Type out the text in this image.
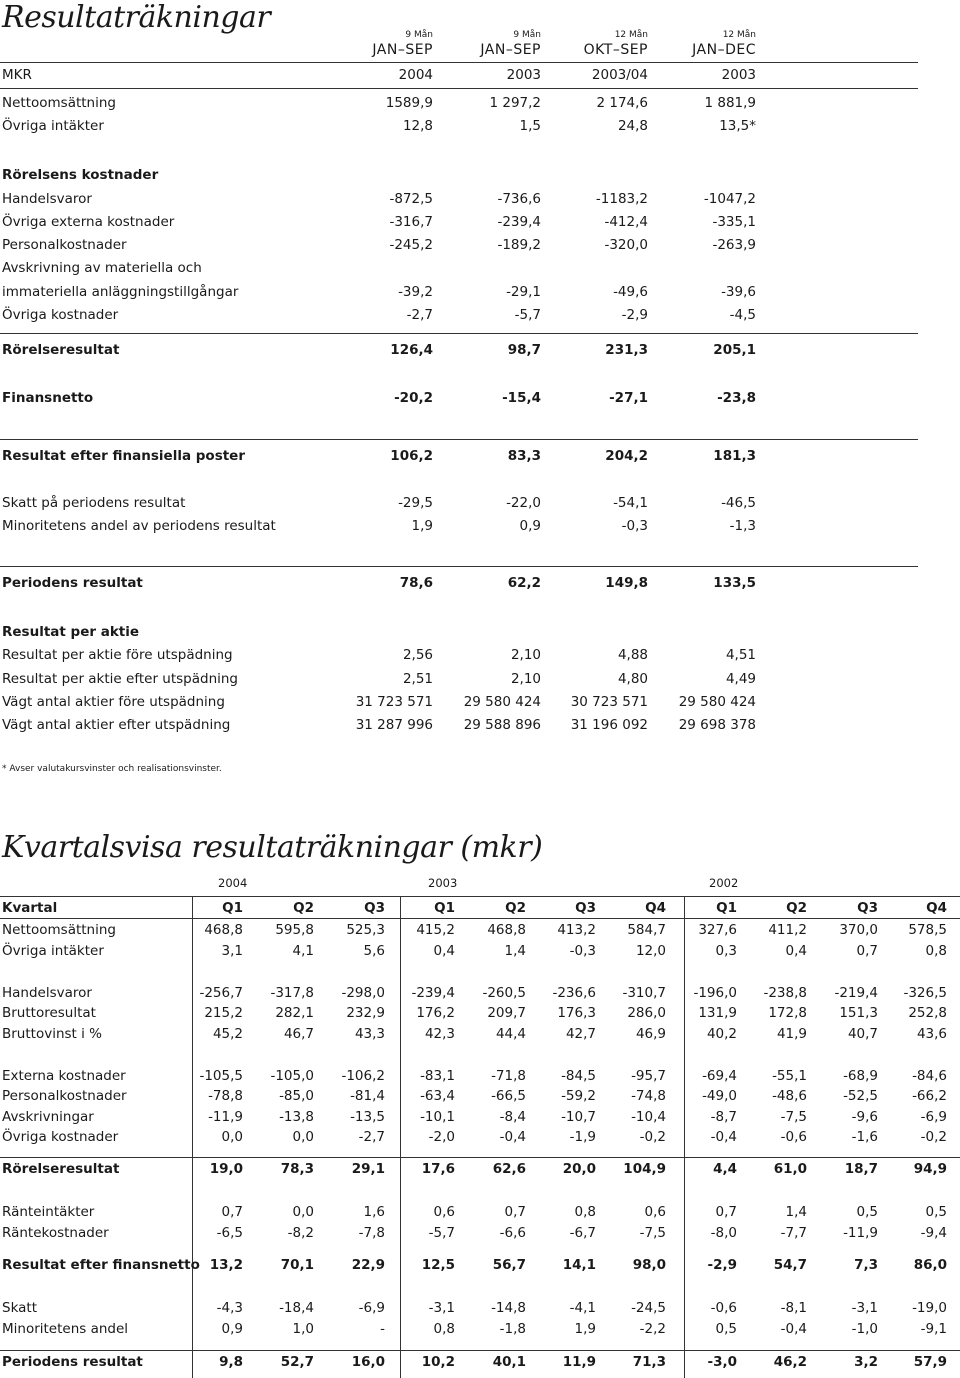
Resultaträkningar	9 Mån	9 Mån	12 Mån	12 Mån
JAN–SEP	JAN–SEP	OKT–SEP	JAN–DEC
MKR	2004	2003	2003/04	2003
Nettoomsättning	1589,9	1 297,2	2 174,6	1 881,9
Övriga intäkter	12,8	1,5	24,8	13,5*
Rörelsens kostnader
Handelsvaror	-872,5	-736,6	-1183,2	-1047,2
Övriga externa kostnader	-316,7	-239,4	-412,4	-335,1
Personalkostnader	-245,2	-189,2	-320,0	-263,9
Avskrivning av materiella och
immateriella anläggningstillgångar	-39,2	-29,1	-49,6	-39,6
Övriga kostnader	-2,7	-5,7	-2,9	-4,5
Rörelseresultat	126,4	98,7	231,3	205,1
Finansnetto	-20,2	-15,4	-27,1	-23,8
Resultat efter finansiella poster	106,2	83,3	204,2	181,3
Skatt på periodens resultat	-29,5	-22,0	-54,1	-46,5
Minoritetens andel av periodens resultat	1,9	0,9	-0,3	-1,3
Periodens resultat	78,6	62,2	149,8	133,5
Resultat per aktie
Resultat per aktie före utspädning	2,56	2,10	4,88	4,51
Resultat per aktie efter utspädning	2,51	2,10	4,80	4,49
Vägt antal aktier före utspädning	31 723 571	29 580 424	30 723 571	29 580 424
Vägt antal aktier efter utspädning	31 287 996	29 588 896	31 196 092	29 698 378
* Avser valutakursvinster och realisationsvinster.
Kvartalsvisa resultaträkningar (mkr)
2004	2003	2002
Kvartal	Q1	Q2	Q3	Q1	Q2	Q3	Q4	Q1	Q2	Q3	Q4
Nettoomsättning	468,8	595,8	525,3	415,2	468,8	413,2	584,7	327,6	411,2	370,0	578,5
Övriga intäkter	3,1	4,1	5,6	0,4	1,4	-0,3	12,0	0,3	0,4	0,7	0,8
Handelsvaror	-256,7	-317,8	-298,0	-239,4	-260,5	-236,6	-310,7	-196,0	-238,8	-219,4	-326,5
Bruttoresultat	215,2	282,1	232,9	176,2	209,7	176,3	286,0	131,9	172,8	151,3	252,8
Bruttovinst i %	45,2	46,7	43,3	42,3	44,4	42,7	46,9	40,2	41,9	40,7	43,6
Externa kostnader	-105,5	-105,0	-106,2	-83,1	-71,8	-84,5	-95,7	-69,4	-55,1	-68,9	-84,6
Personalkostnader	-78,8	-85,0	-81,4	-63,4	-66,5	-59,2	-74,8	-49,0	-48,6	-52,5	-66,2
Avskrivningar	-11,9	-13,8	-13,5	-10,1	-8,4	-10,7	-10,4	-8,7	-7,5	-9,6	-6,9
Övriga kostnader	0,0	0,0	-2,7	-2,0	-0,4	-1,9	-0,2	-0,4	-0,6	-1,6	-0,2
Rörelseresultat	19,0	78,3	29,1	17,6	62,6	20,0	104,9	4,4	61,0	18,7	94,9
Ränteintäkter	0,7	0,0	1,6	0,6	0,7	0,8	0,6	0,7	1,4	0,5	0,5
Räntekostnader	-6,5	-8,2	-7,8	-5,7	-6,6	-6,7	-7,5	-8,0	-7,7	-11,9	-9,4
Resultat efter finansnetto 13,2	70,1	22,9	12,5	56,7	14,1	98,0	-2,9	54,7	7,3	86,0
Skatt	-4,3	-18,4	-6,9	-3,1	-14,8	-4,1	-24,5	-0,6	-8,1	-3,1	-19,0
Minoritetens andel	0,9	1,0	-	0,8	-1,8	1,9	-2,2	0,5	-0,4	-1,0	-9,1
Periodens resultat	9,8	52,7	16,0	10,2	40,1	11,9	71,3	-3,0	46,2	3,2	57,9
